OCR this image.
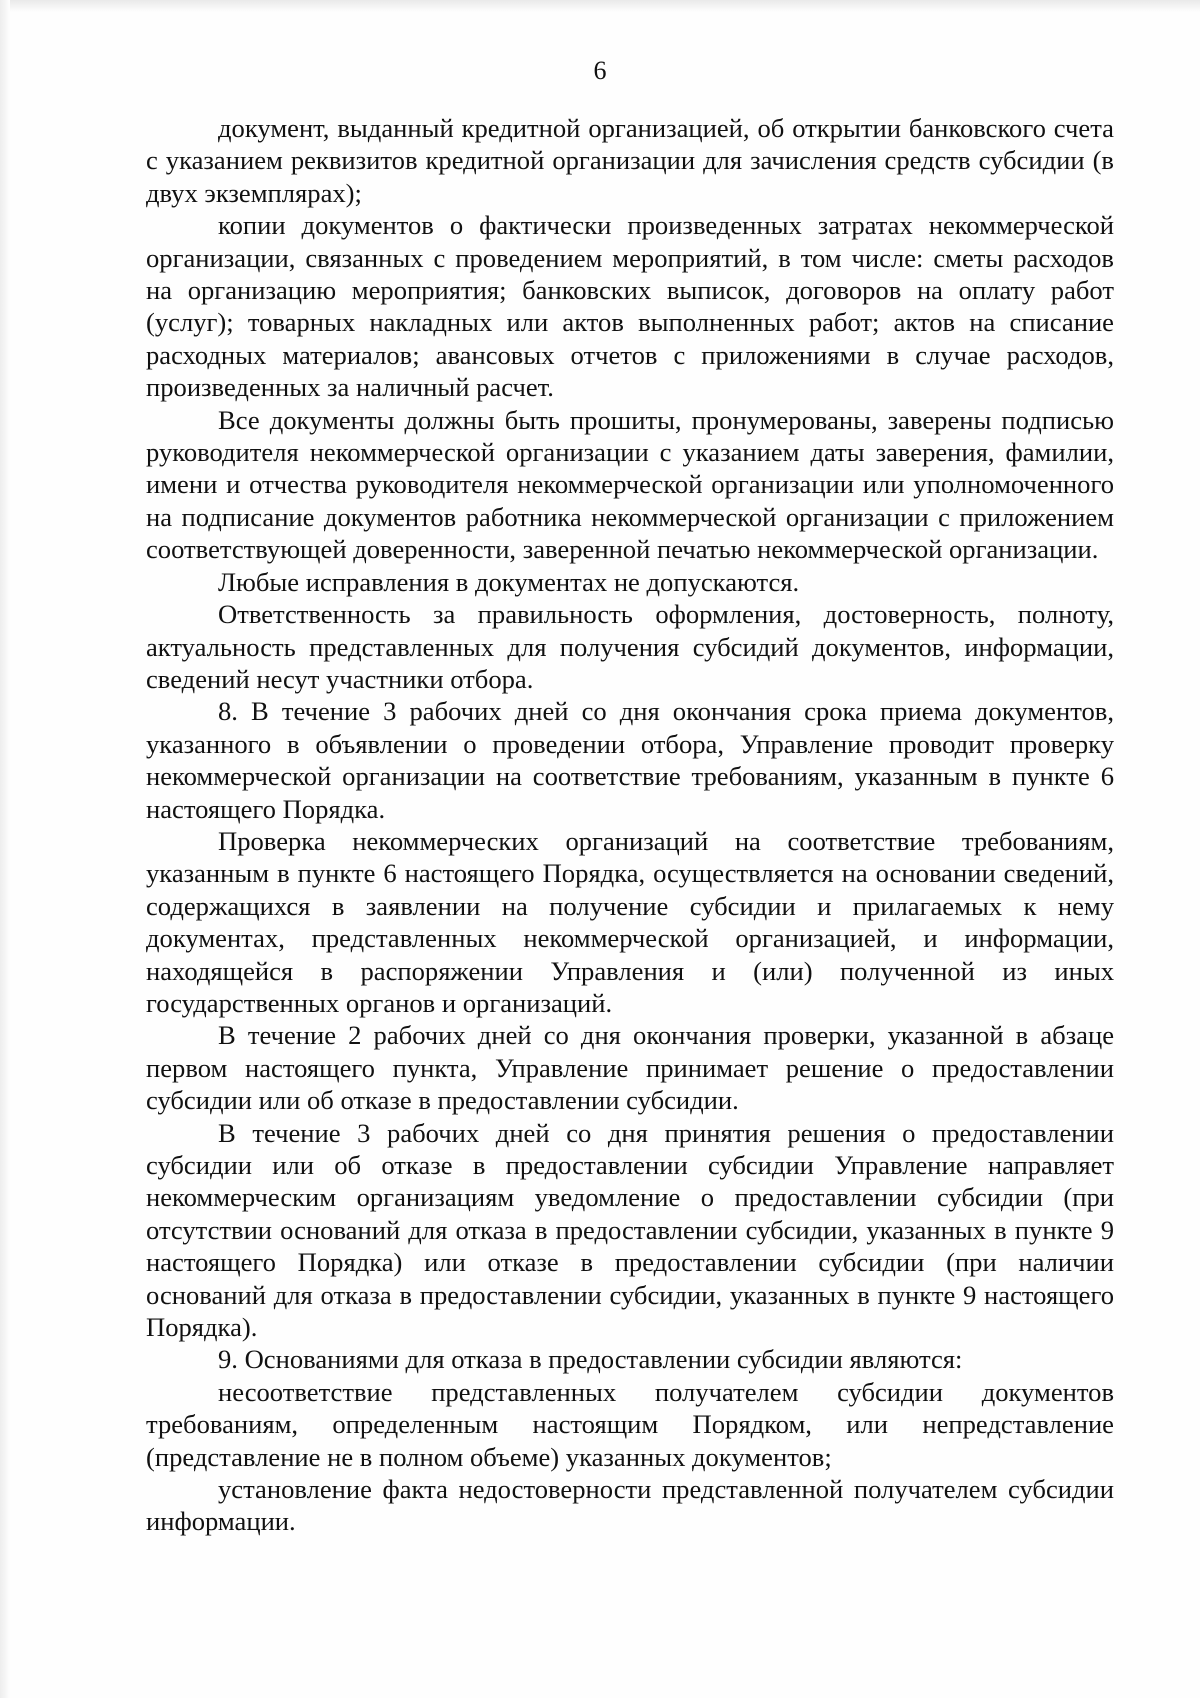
6

документ, выданный кредитной организацией, об открытии банковского счета с указанием реквизитов кредитной организации для зачисления средств субсидии (в двух экземплярах);

копии документов о фактически произведенных затратах некоммерческой организации, связанных с проведением мероприятий, в том числе: сметы расходов на организацию мероприятия; банковских выписок, договоров на оплату работ (услуг); товарных накладных или актов выполненных работ; актов на списание расходных материалов; авансовых отчетов с приложениями в случае расходов, произведенных за наличный расчет.

Все документы должны быть прошиты, пронумерованы, заверены подписью руководителя некоммерческой организации с указанием даты заверения, фамилии, имени и отчества руководителя некоммерческой организации или уполномоченного на подписание документов работника некоммерческой организации с приложением соответствующей доверенности, заверенной печатью некоммерческой организации.

Любые исправления в документах не допускаются.

Ответственность за правильность оформления, достоверность, полноту, актуальность представленных для получения субсидий документов, информации, сведений несут участники отбора.

8. В течение 3 рабочих дней со дня окончания срока приема документов, указанного в объявлении о проведении отбора, Управление проводит проверку некоммерческой организации на соответствие требованиям, указанным в пункте 6 настоящего Порядка.

Проверка некоммерческих организаций на соответствие требованиям, указанным в пункте 6 настоящего Порядка, осуществляется на основании сведений, содержащихся в заявлении на получение субсидии и прилагаемых к нему документах, представленных некоммерческой организацией, и информации, находящейся в распоряжении Управления и (или) полученной из иных государственных органов и организаций.

В течение 2 рабочих дней со дня окончания проверки, указанной в абзаце первом настоящего пункта, Управление принимает решение о предоставлении субсидии или об отказе в предоставлении субсидии.

В течение 3 рабочих дней со дня принятия решения о предоставлении субсидии или об отказе в предоставлении субсидии Управление направляет некоммерческим организациям уведомление о предоставлении субсидии (при отсутствии оснований для отказа в предоставлении субсидии, указанных в пункте 9 настоящего Порядка) или отказе в предоставлении субсидии (при наличии оснований для отказа в предоставлении субсидии, указанных в пункте 9 настоящего Порядка).

9. Основаниями для отказа в предоставлении субсидии являются:

несоответствие представленных получателем субсидии документов требованиям, определенным настоящим Порядком, или непредставление (представление не в полном объеме) указанных документов;

установление факта недостоверности представленной получателем субсидии информации.
